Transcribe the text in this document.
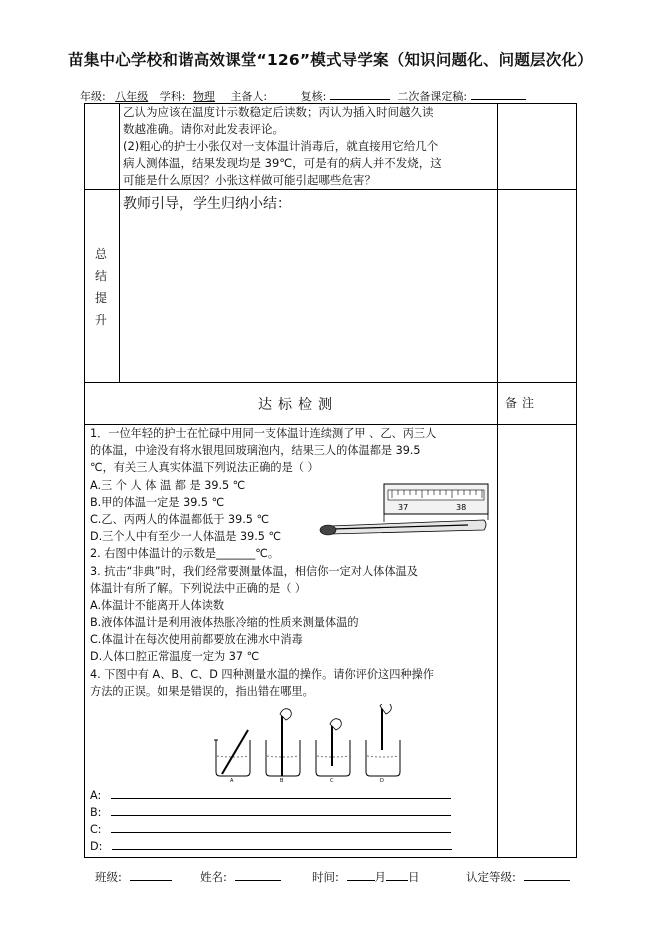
苗集中心学校和谐高效课堂“126”模式导学案（知识问题化、问题层次化）
年级: 八年级 学科: 物理 主备人:	复核:	二次备课定稿:
乙认为应该在温度计示数稳定后读数；丙认为插入时间越久读
数越准确。请你对此发表评论。
(2)粗心的护士小张仅对一支体温计消毒后，就直接用它给几个
病人测体温，结果发现均是 39℃，可是有的病人并不发烧，这
可能是什么原因？小张这样做可能引起哪些危害？
总
结
提
升
教师引导，学生归纳小结：
达标检测	备注
1．一位年轻的护士在忙碌中用同一支体温计连续测了甲 、乙、丙三人
的体温，中途没有将水银甩回玻璃泡内，结果三人的体温都是 39.5
℃，有关三人真实体温下列说法正确的是（ ）
A.三 个 人 体 温 都 是 39.5 ℃
B.甲的体温一定是 39.5 ℃
C.乙、丙两人的体温都低于 39.5 ℃
D.三个人中有至少一人体温是 39.5 ℃
2. 右图中体温计的示数是_______℃。
3. 抗击“非典”时，我们经常要测量体温，相信你一定对人体体温及
体温计有所了解。下列说法中正确的是（ ）
A.体温计不能离开人体读数
B.液体体温计是利用液体热胀冷缩的性质来测量体温的
C.体温计在每次使用前都要放在沸水中消毒
D.人体口腔正常温度一定为 37 ℃
4. 下图中有 A、B、C、D 四种测量水温的操作。请你评价这四种操作
方法的正误。如果是错误的，指出错在哪里。
37	38
A	B	C	D
A:
B:
C:
D:
班级:	姓名:	时间:	月 日	认定等级:
